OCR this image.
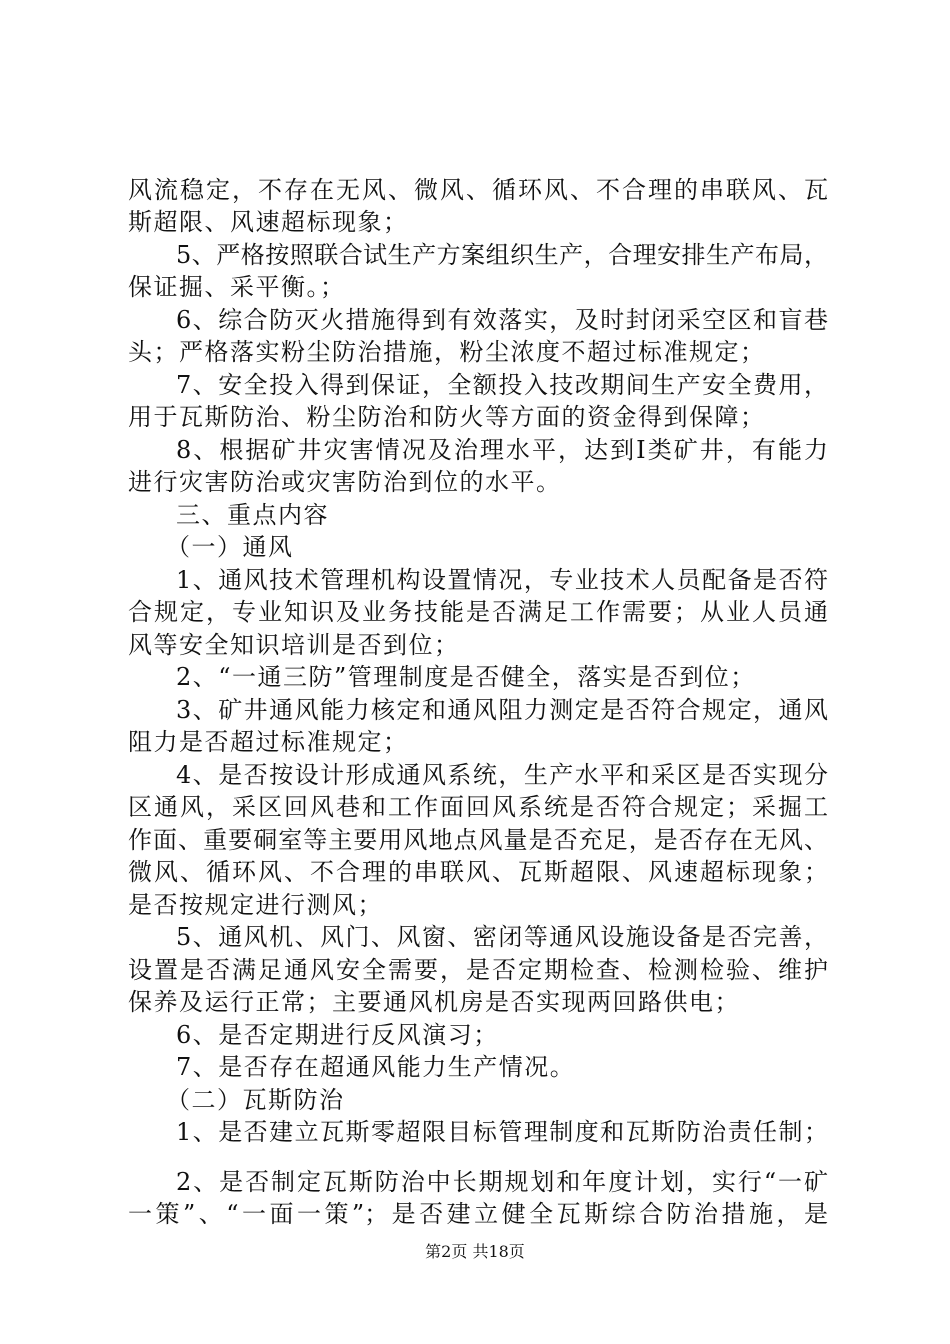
风流稳定，不存在无风、微风、循环风、不合理的串联风、瓦
斯超限、风速超标现象；
5、严格按照联合试生产方案组织生产，合理安排生产布局，
保证掘、采平衡。；
6、综合防灭火措施得到有效落实，及时封闭采空区和盲巷
头；严格落实粉尘防治措施，粉尘浓度不超过标准规定；
7、安全投入得到保证，全额投入技改期间生产安全费用，
用于瓦斯防治、粉尘防治和防火等方面的资金得到保障；
8、根据矿井灾害情况及治理水平，达到Ⅰ类矿井，有能力
进行灾害防治或灾害防治到位的水平。
三、重点内容
（一）通风
1、通风技术管理机构设置情况，专业技术人员配备是否符
合规定，专业知识及业务技能是否满足工作需要；从业人员通
风等安全知识培训是否到位；
2、“一通三防”管理制度是否健全，落实是否到位；
3、矿井通风能力核定和通风阻力测定是否符合规定，通风
阻力是否超过标准规定；
4、是否按设计形成通风系统，生产水平和采区是否实现分
区通风，采区回风巷和工作面回风系统是否符合规定；采掘工
作面、重要硐室等主要用风地点风量是否充足，是否存在无风、
微风、循环风、不合理的串联风、瓦斯超限、风速超标现象；
是否按规定进行测风；
5、通风机、风门、风窗、密闭等通风设施设备是否完善，
设置是否满足通风安全需要，是否定期检查、检测检验、维护
保养及运行正常；主要通风机房是否实现两回路供电；
6、是否定期进行反风演习；
7、是否存在超通风能力生产情况。
（二）瓦斯防治
1、是否建立瓦斯零超限目标管理制度和瓦斯防治责任制；
2、是否制定瓦斯防治中长期规划和年度计划，实行“一矿
一策”、“一面一策”；是否建立健全瓦斯综合防治措施，是
第2页 共18页
